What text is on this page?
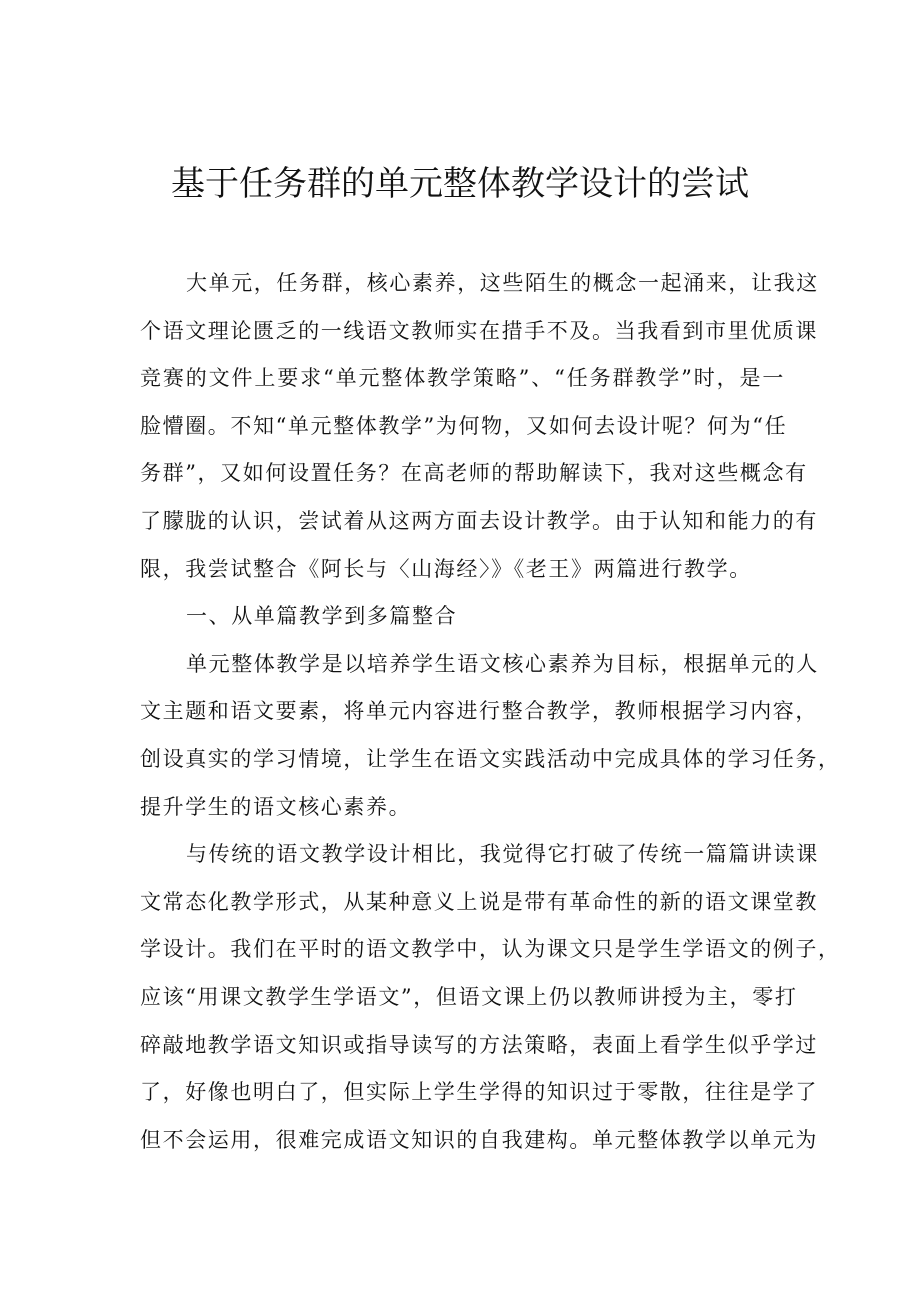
基于任务群的单元整体教学设计的尝试

大单元，任务群，核心素养，这些陌生的概念一起涌来，让我这

个语文理论匮乏的一线语文教师实在措手不及。当我看到市里优质课

竞赛的文件上要求“单元整体教学策略”、“任务群教学”时，是一

脸懵圈。不知“单元整体教学”为何物，又如何去设计呢？何为“任

务群”，又如何设置任务？在高老师的帮助解读下，我对这些概念有

了朦胧的认识，尝试着从这两方面去设计教学。由于认知和能力的有

限，我尝试整合《阿长与〈山海经〉》《老王》两篇进行教学。

一、从单篇教学到多篇整合

单元整体教学是以培养学生语文核心素养为目标，根据单元的人

文主题和语文要素，将单元内容进行整合教学，教师根据学习内容，

创设真实的学习情境，让学生在语文实践活动中完成具体的学习任务，

提升学生的语文核心素养。

与传统的语文教学设计相比，我觉得它打破了传统一篇篇讲读课

文常态化教学形式，从某种意义上说是带有革命性的新的语文课堂教

学设计。我们在平时的语文教学中，认为课文只是学生学语文的例子，

应该“用课文教学生学语文”，但语文课上仍以教师讲授为主，零打

碎敲地教学语文知识或指导读写的方法策略，表面上看学生似乎学过

了，好像也明白了，但实际上学生学得的知识过于零散，往往是学了

但不会运用，很难完成语文知识的自我建构。单元整体教学以单元为
